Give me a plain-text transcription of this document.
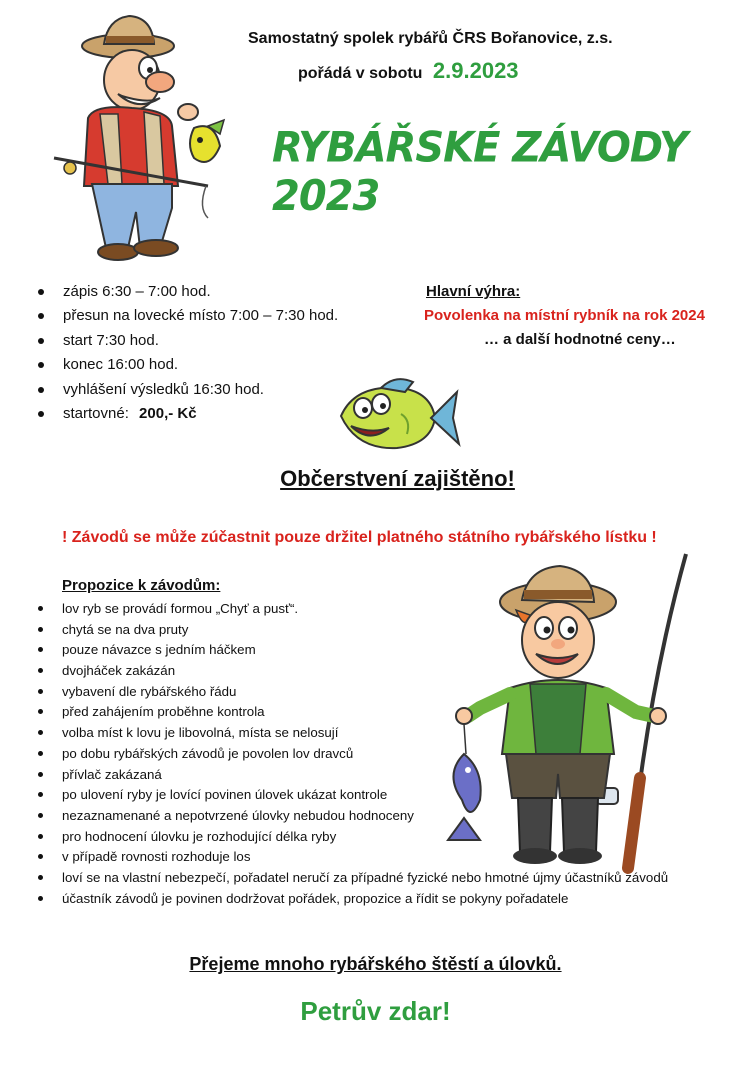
Samostatný spolek rybářů ČRS Bořanovice, z.s.
pořádá v sobotu 2.9.2023
RYBÁŘSKÉ ZÁVODY 2023
zápis 6:30 – 7:00 hod.
přesun na lovecké místo 7:00 – 7:30 hod.
start 7:30 hod.
konec 16:00 hod.
vyhlášení výsledků 16:30 hod.
startovné: 200,- Kč
Hlavní výhra:
Povolenka na místní rybník na rok 2024
… a další hodnotné ceny…
Občerstvení zajištěno!
! Závodů se může zúčastnit pouze držitel platného státního rybářského lístku !
Propozice k závodům:
lov ryb se provádí formou „Chyť a pusť“.
chytá se na dva pruty
pouze návazce s jedním háčkem
dvojháček zakázán
vybavení dle rybářského řádu
před zahájením proběhne kontrola
volba míst k lovu je libovolná, místa se nelosují
po dobu rybářských závodů je povolen lov dravců
přívlač zakázaná
po ulovení ryby je lovící povinen úlovek ukázat kontrole
nezaznamenané a nepotvrzené úlovky nebudou hodnoceny
pro hodnocení úlovku je rozhodující délka ryby
v případě rovnosti rozhoduje los
loví se na vlastní nebezpečí, pořadatel neručí za případné fyzické nebo hmotné újmy účastníků závodů
účastník závodů je povinen dodržovat pořádek, propozice a řídit se pokyny pořadatele
Přejeme mnoho rybářského štěstí a úlovků.
Petrův zdar!
